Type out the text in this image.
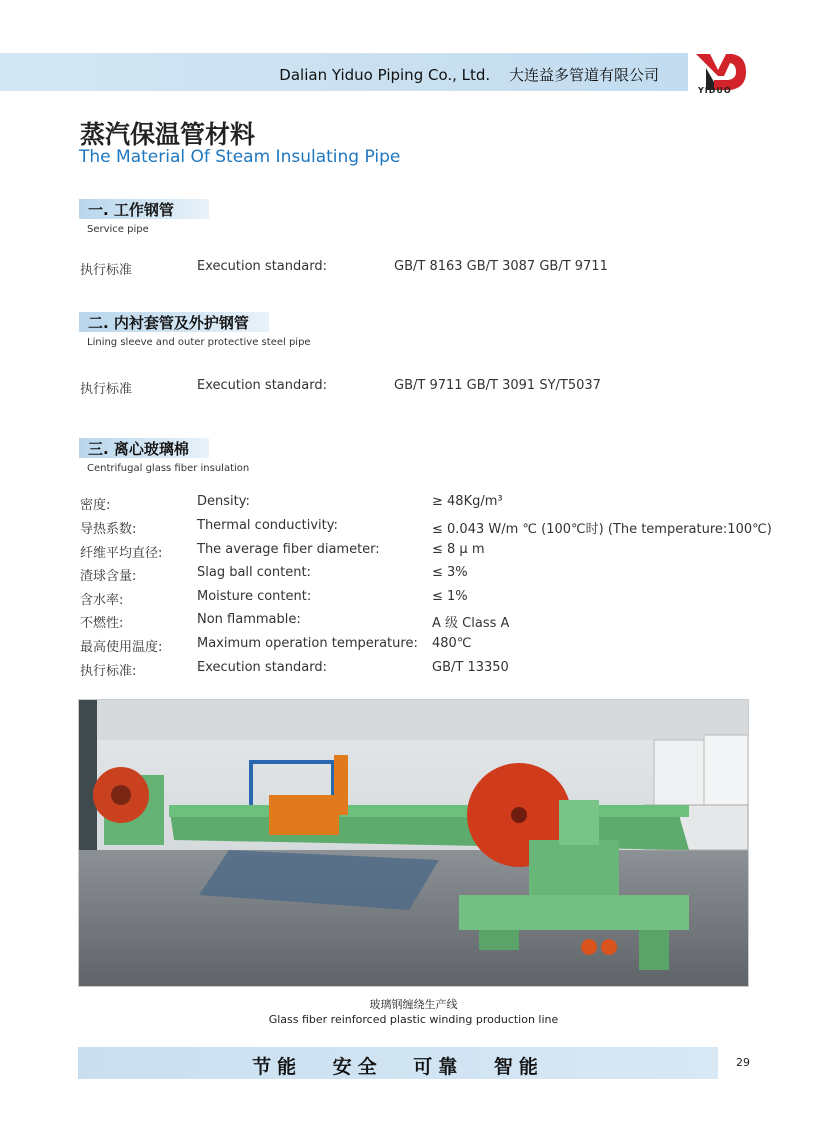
Dalian Yiduo Piping Co., Ltd. 大连益多管道有限公司
YIDUO
蒸汽保温管材料
The Material Of Steam Insulating Pipe
一. 工作钢管
Service pipe
执行标准	Execution standard:	GB/T 8163 GB/T 3087 GB/T 9711
二. 内衬套管及外护钢管
Lining sleeve and outer protective steel pipe
执行标准	Execution standard:	GB/T 9711 GB/T 3091 SY/T5037
三. 离心玻璃棉
Centrifugal glass fiber insulation
密度:	Density:	≥ 48Kg/m³
导热系数:	Thermal conductivity:	≤ 0.043 W/m ℃ (100℃时) (The temperature:100℃)
纤维平均直径:	The average fiber diameter:	≤ 8 μ m
渣球含量:	Slag ball content:	≤ 3%
含水率:	Moisture content:	≤ 1%
不燃性:	Non flammable:	A 级 Class A
最高使用温度:	Maximum operation temperature: 480℃
执行标准:	Execution standard:	GB/T 13350
玻璃钢缠绕生产线
Glass fiber reinforced plastic winding production line
节能 安全 可靠 智能	29
